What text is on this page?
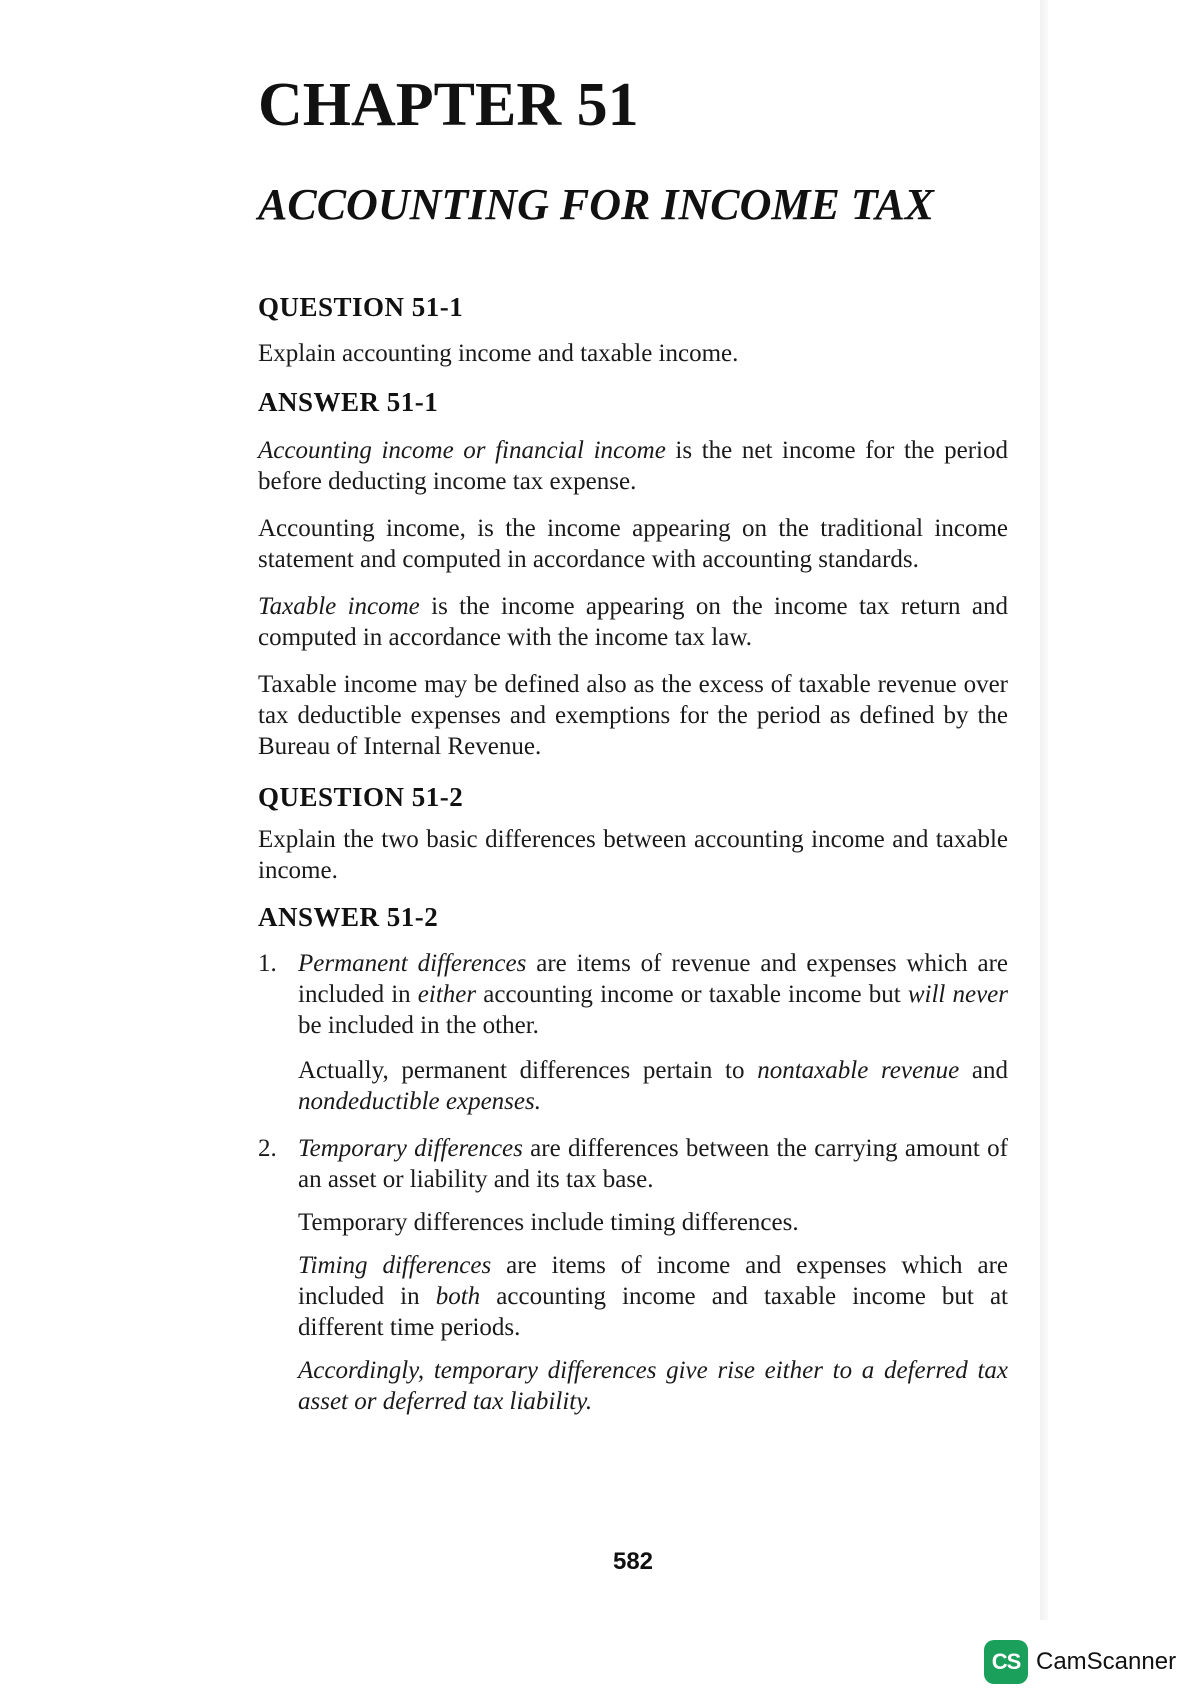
CHAPTER 51
ACCOUNTING FOR INCOME TAX
QUESTION 51-1

Explain accounting income and taxable income.

ANSWER 51-1

Accounting income or financial income is the net income for the period before deducting income tax expense.

Accounting income, is the income appearing on the traditional income statement and computed in accordance with accounting standards.

Taxable income is the income appearing on the income tax return and computed in accordance with the income tax law.

Taxable income may be defined also as the excess of taxable revenue over tax deductible expenses and exemptions for the period as defined by the Bureau of Internal Revenue.

QUESTION 51-2

Explain the two basic differences between accounting income and taxable income.

ANSWER 51-2
1. Permanent differences are items of revenue and expenses which are included in either accounting income or taxable income but will never be included in the other.

Actually, permanent differences pertain to nontaxable revenue and nondeductible expenses.

2. Temporary differences are differences between the carrying amount of an asset or liability and its tax base.

Temporary differences include timing differences.

Timing differences are items of income and expenses which are included in both accounting income and taxable income but at different time periods.

Accordingly, temporary differences give rise either to a deferred tax asset or deferred tax liability.

582
CS CamScanner
